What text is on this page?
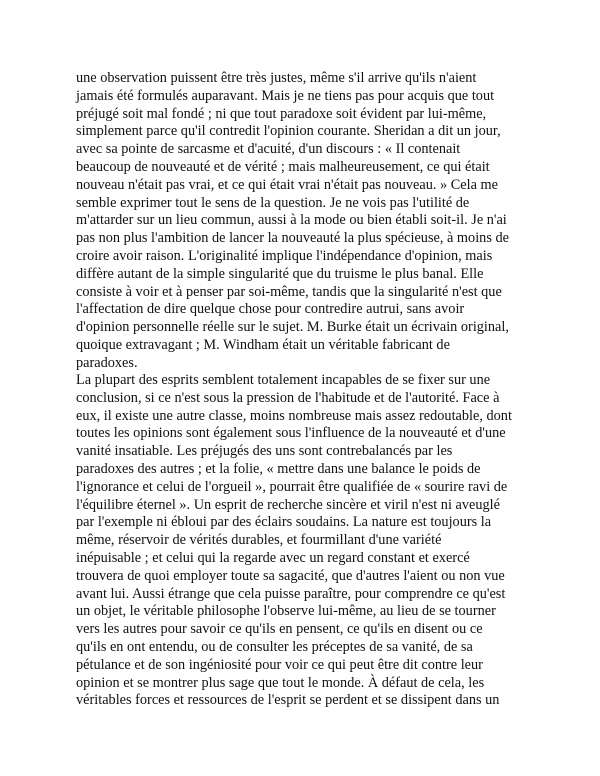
une observation puissent être très justes, même s'il arrive qu'ils n'aient
jamais été formulés auparavant. Mais je ne tiens pas pour acquis que tout
préjugé soit mal fondé ; ni que tout paradoxe soit évident par lui-même,
simplement parce qu'il contredit l'opinion courante. Sheridan a dit un jour,
avec sa pointe de sarcasme et d'acuité, d'un discours : « Il contenait
beaucoup de nouveauté et de vérité ; mais malheureusement, ce qui était
nouveau n'était pas vrai, et ce qui était vrai n'était pas nouveau. » Cela me
semble exprimer tout le sens de la question. Je ne vois pas l'utilité de
m'attarder sur un lieu commun, aussi à la mode ou bien établi soit-il. Je n'ai
pas non plus l'ambition de lancer la nouveauté la plus spécieuse, à moins de
croire avoir raison. L'originalité implique l'indépendance d'opinion, mais
diffère autant de la simple singularité que du truisme le plus banal. Elle
consiste à voir et à penser par soi-même, tandis que la singularité n'est que
l'affectation de dire quelque chose pour contredire autrui, sans avoir
d'opinion personnelle réelle sur le sujet. M. Burke était un écrivain original,
quoique extravagant ; M. Windham était un véritable fabricant de
paradoxes.
La plupart des esprits semblent totalement incapables de se fixer sur une
conclusion, si ce n'est sous la pression de l'habitude et de l'autorité. Face à
eux, il existe une autre classe, moins nombreuse mais assez redoutable, dont
toutes les opinions sont également sous l'influence de la nouveauté et d'une
vanité insatiable. Les préjugés des uns sont contrebalancés par les
paradoxes des autres ; et la folie, « mettre dans une balance le poids de
l'ignorance et celui de l'orgueil », pourrait être qualifiée de « sourire ravi de
l'équilibre éternel ». Un esprit de recherche sincère et viril n'est ni aveuglé
par l'exemple ni ébloui par des éclairs soudains. La nature est toujours la
même, réservoir de vérités durables, et fourmillant d'une variété
inépuisable ; et celui qui la regarde avec un regard constant et exercé
trouvera de quoi employer toute sa sagacité, que d'autres l'aient ou non vue
avant lui. Aussi étrange que cela puisse paraître, pour comprendre ce qu'est
un objet, le véritable philosophe l'observe lui-même, au lieu de se tourner
vers les autres pour savoir ce qu'ils en pensent, ce qu'ils en disent ou ce
qu'ils en ont entendu, ou de consulter les préceptes de sa vanité, de sa
pétulance et de son ingéniosité pour voir ce qui peut être dit contre leur
opinion et se montrer plus sage que tout le monde. À défaut de cela, les
véritables forces et ressources de l'esprit se perdent et se dissipent dans un
